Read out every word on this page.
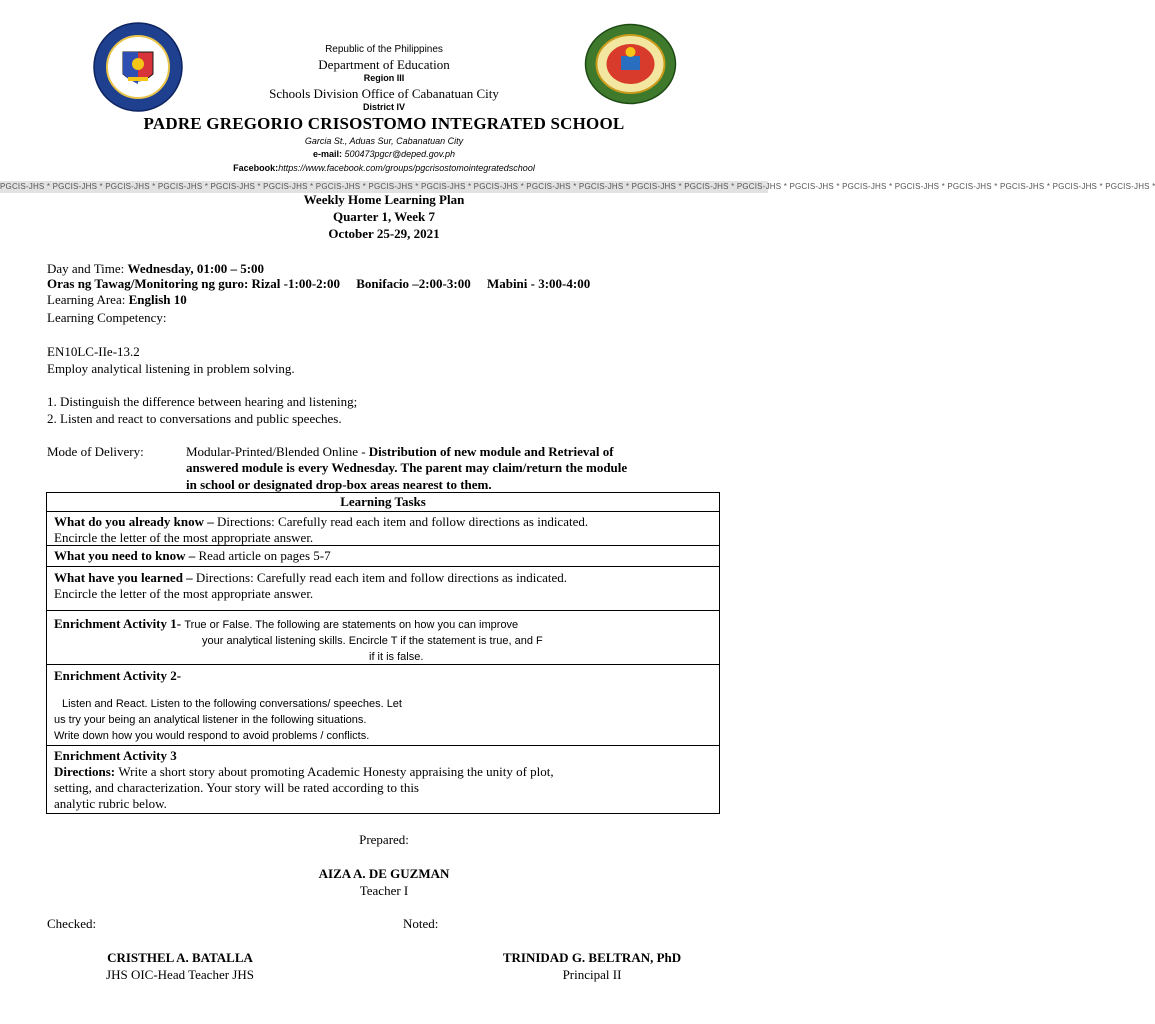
Republic of the Philippines
Department of Education
Region III
Schools Division Office of Cabanatuan City
District IV
PADRE GREGORIO CRISOSTOMO INTEGRATED SCHOOL
Garcia St., Aduas Sur, Cabanatuan City
e-mail: 500473pgcr@deped.gov.ph
Facebook:https://www.facebook.com/groups/pgcrisostomointegratedschool
PGCIS-JHS * PGCIS-JHS * PGCIS-JHS * PGCIS-JHS * PGCIS-JHS * PGCIS-JHS * PGCIS-JHS * PGCIS-JHS * PGCIS-JHS * PGCIS-JHS * PGCIS-JHS * PGCIS-JHS * PGCIS-JHS * PGCIS-JHS * PGCIS-JHS * PGCIS-JHS * PGCIS-JHS * PGCIS-JHS * PGCIS-JHS * PGCIS-JHS * PGCIS-JHS * PGCIS-JHS *
Weekly Home Learning Plan
Quarter 1, Week 7
October 25-29, 2021
Day and Time: Wednesday, 01:00 – 5:00
Oras ng Tawag/Monitoring ng guro: Rizal -1:00-2:00     Bonifacio –2:00-3:00     Mabini - 3:00-4:00
Learning Area: English 10
Learning Competency:
EN10LC-IIe-13.2
Employ analytical listening in problem solving.
1. Distinguish the difference between hearing and listening;
2. Listen and react to conversations and public speeches.
Mode of Delivery:	Modular-Printed/Blended Online - Distribution of new module and Retrieval of
answered module is every Wednesday. The parent may claim/return the module
in school or designated drop-box areas nearest to them.
Learning Tasks
What do you already know – Directions: Carefully read each item and follow directions as indicated.
Encircle the letter of the most appropriate answer.
What you need to know – Read article on pages 5-7
What have you learned – Directions: Carefully read each item and follow directions as indicated.
Encircle the letter of the most appropriate answer.
Enrichment Activity 1- True or False. The following are statements on how you can improve
your analytical listening skills. Encircle T if the statement is true, and F
if it is false.
Enrichment Activity 2-
Listen and React. Listen to the following conversations/ speeches. Let
us try your being an analytical listener in the following situations.
Write down how you would respond to avoid problems / conflicts.
Enrichment Activity 3
Directions: Write a short story about promoting Academic Honesty appraising the unity of plot,
setting, and characterization. Your story will be rated according to this
analytic rubric below.
Prepared:
AIZA A. DE GUZMAN
Teacher I
Checked:	Noted:
CRISTHEL A. BATALLA
JHS OIC-Head Teacher JHS
TRINIDAD G. BELTRAN, PhD
Principal II
